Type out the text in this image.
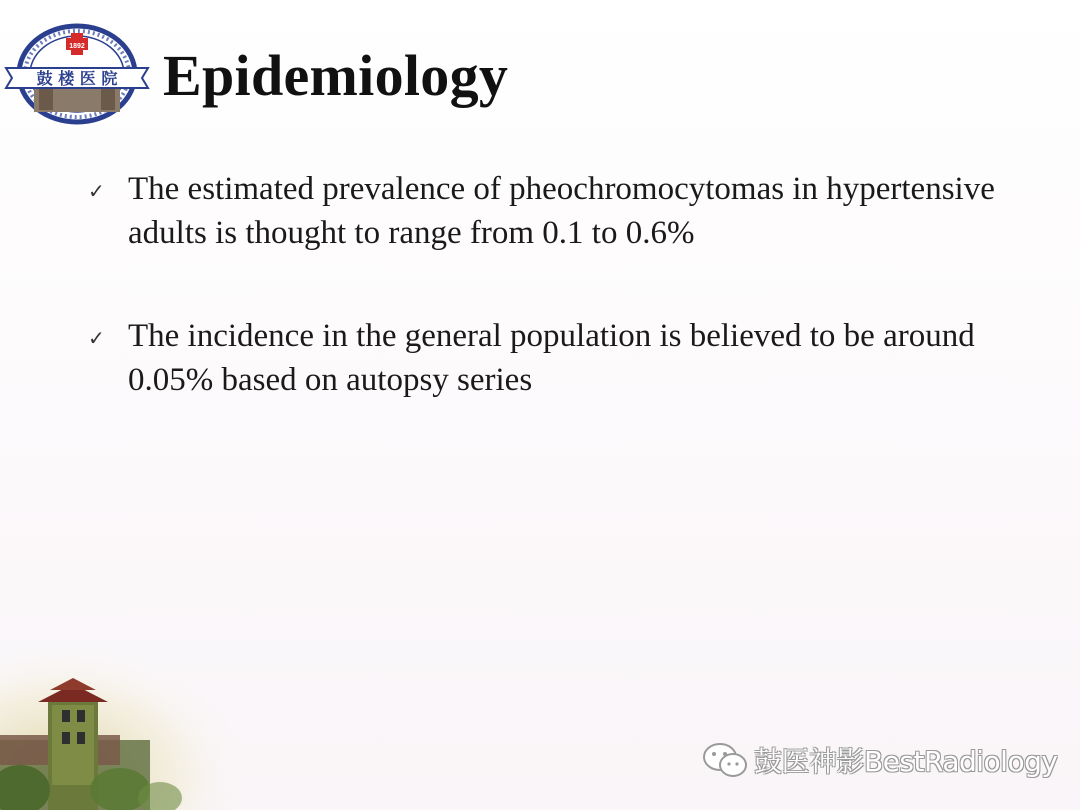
1892
鼓 楼 医 院 Epidemiology
✓ The estimated prevalence of pheochromocytomas in hypertensive adults is thought to range from 0.1 to 0.6%
✓ The incidence in the general population is believed to be around 0.05% based on autopsy series
鼓医神影BestRadiology
